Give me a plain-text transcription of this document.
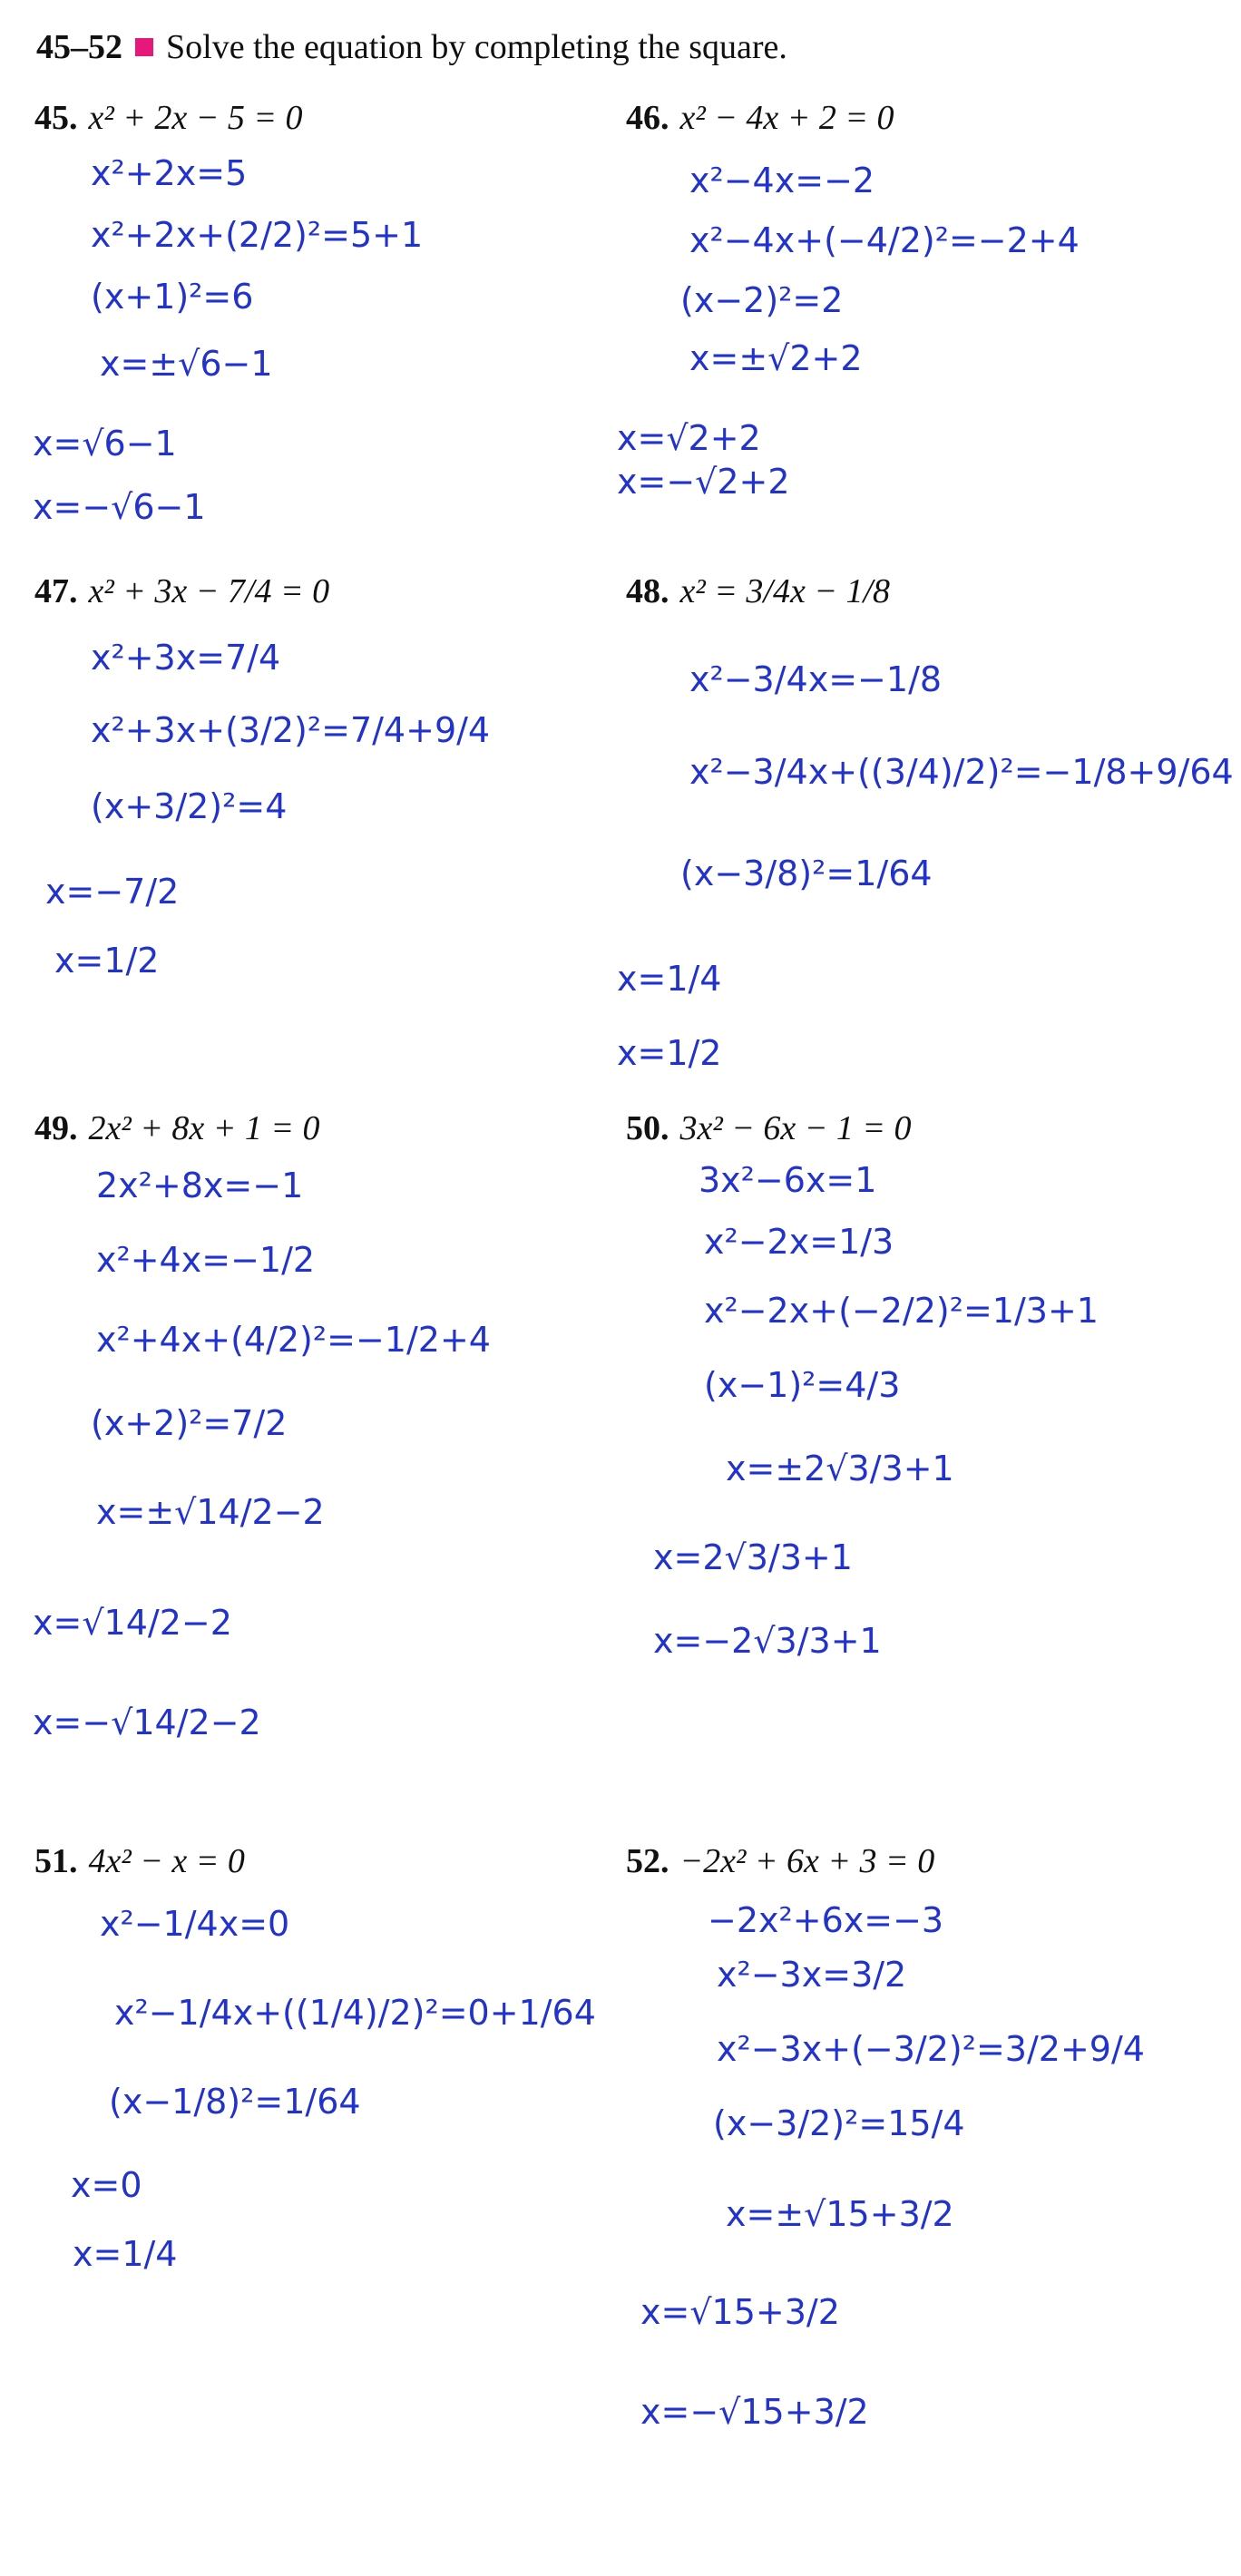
45–52 Solve the equation by completing the square.
45. x² + 2x − 5 = 0
x²+2x=5
x²+2x+(2/2)²=5+1
(x+1)²=6
x=±√6−1
x=√6−1
x=−√6−1
46. x² − 4x + 2 = 0
x²−4x=−2
x²−4x+(−4/2)²=−2+4
(x−2)²=2
x=±√2+2
x=√2+2
x=−√2+2
47. x² + 3x − 7/4 = 0
x²+3x=7/4
x²+3x+(3/2)²=7/4+9/4
(x+3/2)²=4
x=−7/2
x=1/2
48. x² = 3/4x − 1/8
x²−3/4x=−1/8
x²−3/4x+((3/4)/2)²=−1/8+9/64
(x−3/8)²=1/64
x=1/4
x=1/2
49. 2x² + 8x + 1 = 0
2x²+8x=−1
x²+4x=−1/2
x²+4x+(4/2)²=−1/2+4
(x+2)²=7/2
x=±√14/2−2
x=√14/2−2
x=−√14/2−2
50. 3x² − 6x − 1 = 0
3x²−6x=1
x²−2x=1/3
x²−2x+(−2/2)²=1/3+1
(x−1)²=4/3
x=±2√3/3+1
x=2√3/3+1
x=−2√3/3+1
51. 4x² − x = 0
x²−1/4x=0
x²−1/4x+((1/4)/2)²=0+1/64
(x−1/8)²=1/64
x=0
x=1/4
52. −2x² + 6x + 3 = 0
−2x²+6x=−3
x²−3x=3/2
x²−3x+(−3/2)²=3/2+9/4
(x−3/2)²=15/4
x=±√15+3/2
x=√15+3/2
x=−√15+3/2
